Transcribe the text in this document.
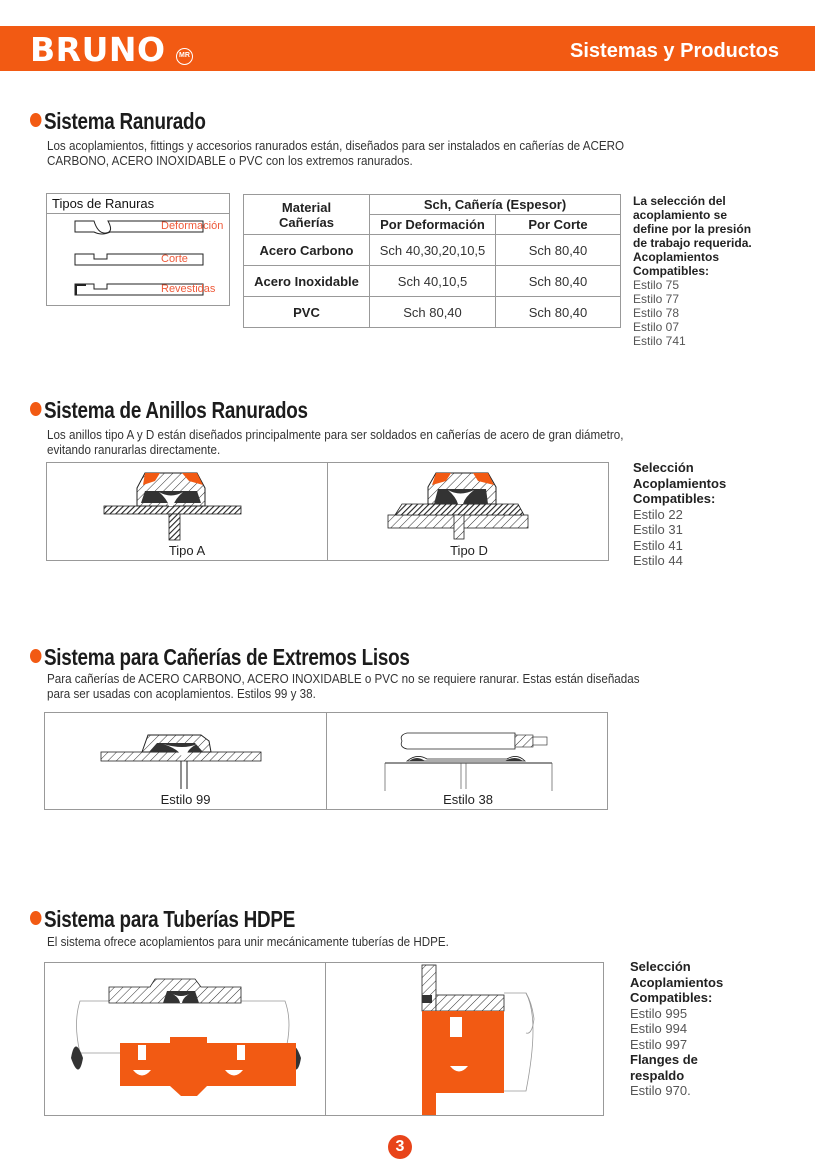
BRUNO	MR	Sistemas y Productos
Sistema Ranurado
Los acoplamientos, fittings y accesorios ranurados están, diseñados para ser instalados en cañerías de ACERO
CARBONO, ACERO INOXIDABLE o PVC con los extremos ranurados.
Tipos de Ranuras
Deformación
Corte
Revestidas
Material
Cañerías	Sch, Cañería (Espesor)	
	Por Deformación	Por Corte
Acero Carbono	Sch 40,30,20,10,5	Sch 80,40
Acero Inoxidable	Sch 40,10,5	Sch 80,40
PVC	Sch 80,40	Sch 80,40
La selección del
acoplamiento se
define por la presión
de trabajo requerida.
Acoplamientos
Compatibles:
Estilo 75
Estilo 77
Estilo 78
Estilo 07
Estilo 741
Sistema de Anillos Ranurados
Los anillos tipo A y D están diseñados principalmente para ser soldados en cañerías de acero de gran diámetro,
evitando ranurarlas directamente.
Tipo A	Tipo D
Selección
Acoplamientos
Compatibles:
Estilo 22
Estilo 31
Estilo 41
Estilo 44
Sistema para Cañerías de Extremos Lisos
Para cañerías de ACERO CARBONO, ACERO INOXIDABLE o PVC no se requiere ranurar. Estas están diseñadas
para ser usadas con acoplamientos. Estilos 99 y 38.
Estilo 99	Estilo 38
Sistema para Tuberías HDPE
El sistema ofrece acoplamientos para unir mecánicamente tuberías de HDPE.
Selección
Acoplamientos
Compatibles:
Estilo 995
Estilo 994
Estilo 997
Flanges de
respaldo
Estilo 970.
3
